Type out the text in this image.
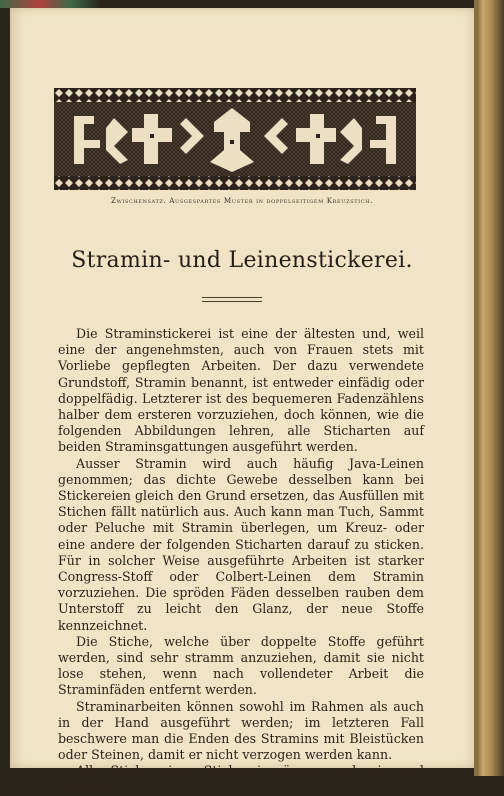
Zwischensatz. Ausgespartes Muster in doppelseitigem Kreuzstich.
Stramin- und Leinenstickerei.

Die Straminstickerei ist eine der ältesten und, weil eine der angenehmsten, auch von Frauen stets mit Vorliebe gepflegten Arbeiten. Der dazu verwendete Grundstoff, Stramin benannt, ist entweder einfädig oder doppelfädig. Letzterer ist des bequemeren Fadenzählens halber dem ersteren vorzuziehen, doch können, wie die folgenden Abbildungen lehren, alle Sticharten auf beiden Straminsgattungen ausgeführt werden.

Ausser Stramin wird auch häufig Java-Leinen genommen; das dichte Gewebe desselben kann bei Stickereien gleich den Grund ersetzen, das Ausfüllen mit Stichen fällt natürlich aus. Auch kann man Tuch, Sammt oder Peluche mit Stramin überlegen, um Kreuz- oder eine andere der folgenden Sticharten darauf zu sticken. Für in solcher Weise ausgeführte Arbeiten ist starker Congress-Stoff oder Colbert-Leinen dem Stramin vorzuziehen. Die spröden Fäden desselben rauben dem Unterstoff zu leicht den Glanz, der neue Stoffe kennzeichnet.

Die Stiche, welche über doppelte Stoffe geführt werden, sind sehr stramm anzuziehen, damit sie nicht lose stehen, wenn nach vollendeter Arbeit die Straminfäden entfernt werden.

Straminarbeiten können sowohl im Rahmen als auch in der Hand ausgeführt werden; im letzteren Fall beschwere man die Enden des Stramins mit Bleistücken oder Steinen, damit er nicht verzogen werden kann.

Alle Stiche einer Stickerei müssen nach ein und derselben
